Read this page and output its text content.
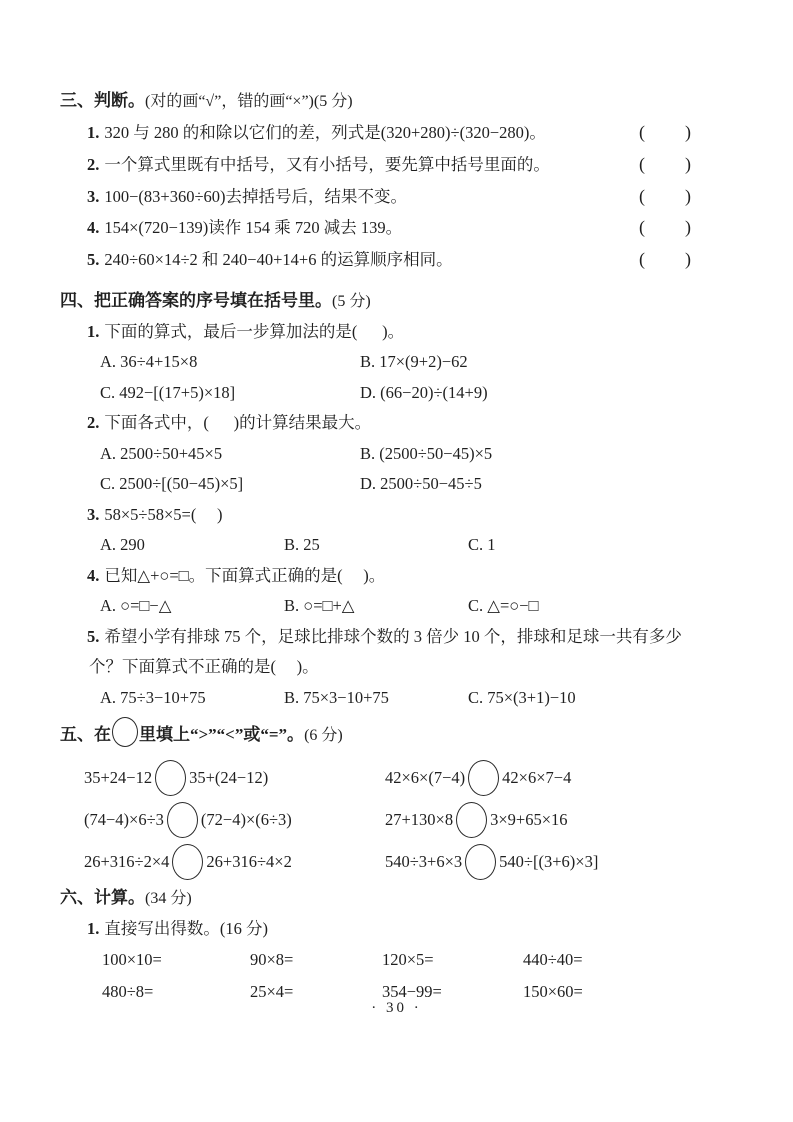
三、判断。(对的画“√”，错的画“×”)(5 分)
1. 320 与 280 的和除以它们的差，列式是(320+280)÷(320−280)。	( )
2. 一个算式里既有中括号，又有小括号，要先算中括号里面的。	( )
3. 100−(83+360÷60)去掉括号后，结果不变。	( )
4. 154×(720−139)读作 154 乘 720 减去 139。	( )
5. 240÷60×14÷2 和 240−40+14+6 的运算顺序相同。	( )
四、把正确答案的序号填在括号里。(5 分)
1. 下面的算式，最后一步算加法的是(      )。
A. 36÷4+15×8	B. 17×(9+2)−62
C. 492−[(17+5)×18]	D. (66−20)÷(14+9)
2. 下面各式中，(      )的计算结果最大。
A. 2500÷50+45×5	B. (2500÷50−45)×5
C. 2500÷[(50−45)×5]	D. 2500÷50−45÷5
3. 58×5÷58×5=(     )
A. 290	B. 25	C. 1
4. 已知△+○=□。下面算式正确的是(     )。
A. ○=□−△	B. ○=□+△	C. △=○−□
5. 希望小学有排球 75 个，足球比排球个数的 3 倍少 10 个，排球和足球一共有多少
个？下面算式不正确的是(     )。
A. 75÷3−10+75	B. 75×3−10+75	C. 75×(3+1)−10
五、在 里填上“>”“<”或“=”。(6 分)
35+24−12 35+(24−12)	42×6×(7−4) 42×6×7−4
(74−4)×6÷3 (72−4)×(6÷3)	27+130×8 3×9+65×16
26+316÷2×4 26+316÷4×2	540÷3+6×3 540÷[(3+6)×3]
六、计算。(34 分)
1. 直接写出得数。(16 分)
100×10=	90×8=	120×5=	440÷40=
480÷8=	25×4=	354−99=	150×60=
· 30 ·
